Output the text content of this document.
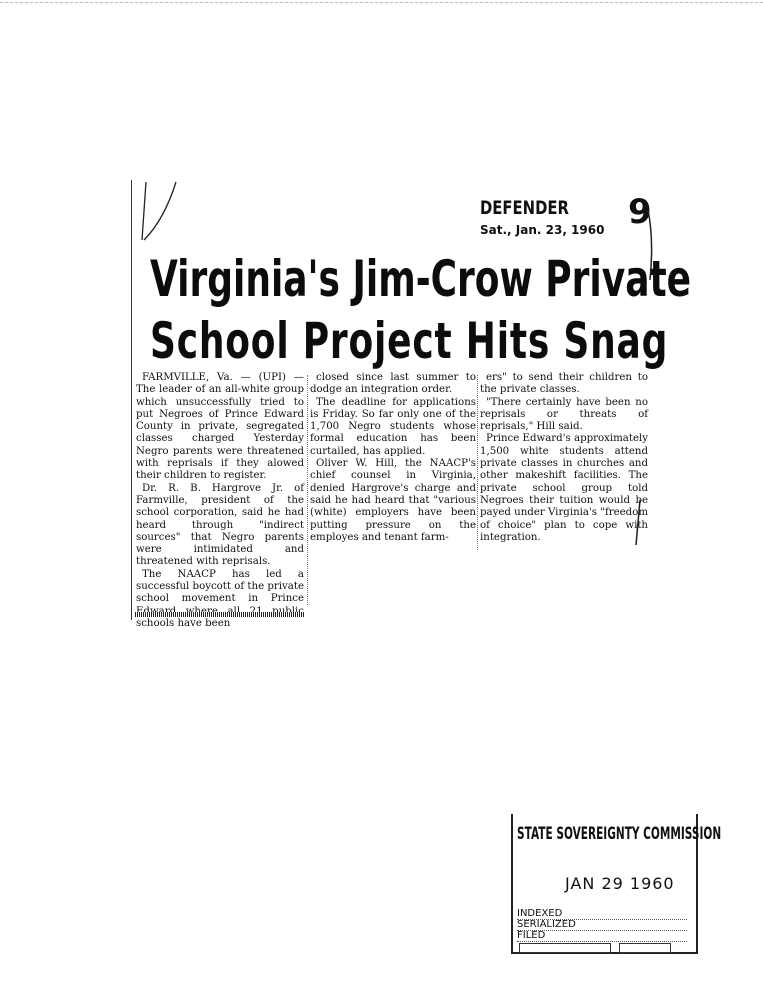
DEFENDER
Sat., Jan. 23, 1960 9
Virginia's Jim-Crow Private
School Project Hits Snag

FARMVILLE, Va. — (UPI) — The leader of an all-white group which unsuccessfully tried to put Negroes of Prince Edward County in private, segregated classes charged Yesterday Negro parents were threatened with reprisals if they alowed their children to register.

Dr. R. B. Hargrove Jr. of Farmville, president of the school corporation, said he had heard through "indirect sources" that Negro parents were intimidated and threatened with reprisals.

The NAACP has led a successful boycott of the private school movement in Prince schools have been

closed since last summer to dodge an integration order.

The deadline for applications is Friday. So far only one of the 1,700 Negro students whose formal education has been curtailed, has applied.

Oliver W. Hill, the NAACP's chief counsel in Virginia, denied Hargrove's charge and said he had heard that "various (white) employers have been putting pressure on the employes and tenant farm-

ers" to send their children to the private classes.

"There certainly have been no reprisals or threats of reprisals," Hill said.

Prince Edward's approximately 1,500 white students attend private classes in churches and other makeshift facilities. The private school group told Negroes their tuition would be payed under Virginia's "freedom of choice" plan to cope with integration.

STATE SOVEREIGNTY COMMISSION
JAN 29 1960
INDEXED
SERIALIZED
FILED
